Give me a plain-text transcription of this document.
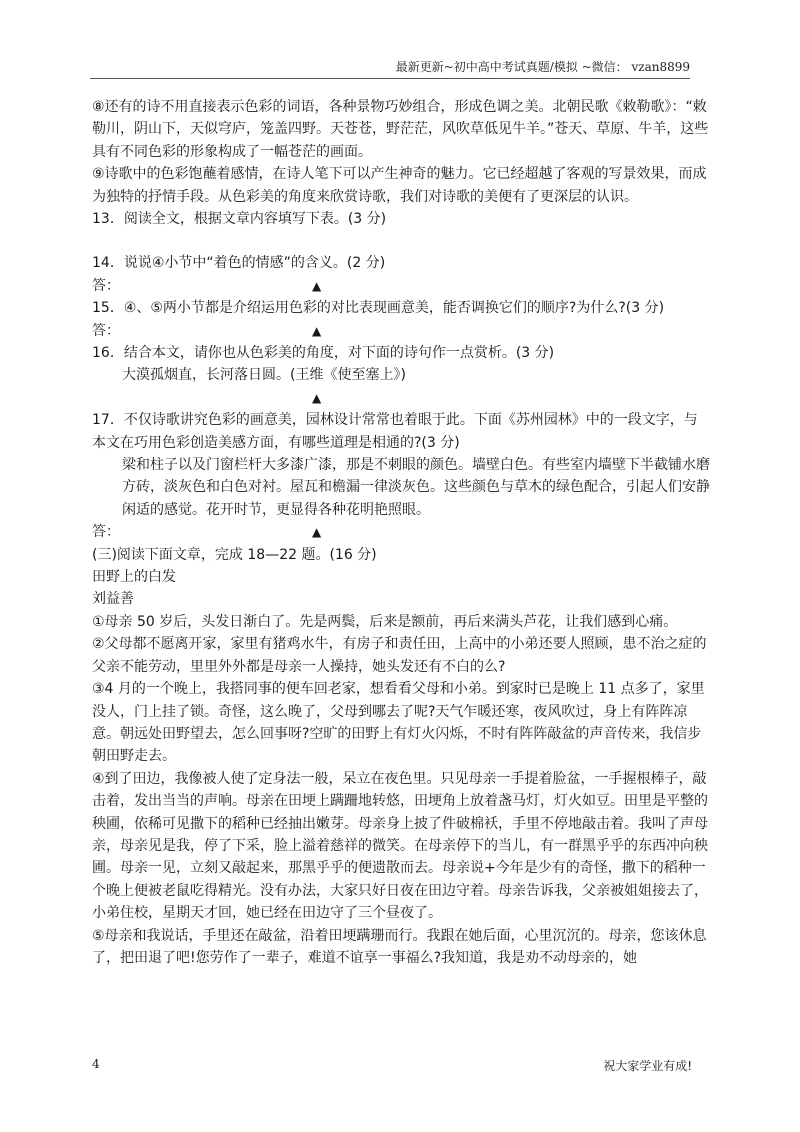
最新更新~初中高中考试真题/模拟 ~微信： vzan8899

⑧还有的诗不用直接表示色彩的词语，各种景物巧妙组合，形成色调之美。北朝民歌《敕勒歌》：“敕勒川，阴山下，天似穹庐，笼盖四野。天苍苍，野茫茫，风吹草低见牛羊。”苍天、草原、牛羊，这些具有不同色彩的形象构成了一幅苍茫的画面。

⑨诗歌中的色彩饱蘸着感情，在诗人笔下可以产生神奇的魅力。它已经超越了客观的写景效果，而成为独特的抒情手段。从色彩美的角度来欣赏诗歌，我们对诗歌的美便有了更深层的认识。

13．阅读全文，根据文章内容填写下表。(3 分)

14．说说④小节中“着色的情感”的含义。(2 分)

答：	▲

15．④、⑤两小节都是介绍运用色彩的对比表现画意美，能否调换它们的顺序?为什么?(3 分)

答：	▲

16．结合本文，请你也从色彩美的角度，对下面的诗句作一点赏析。(3 分)

大漠孤烟直，长河落日圆。(王维《使至塞上》)

▲

17．不仅诗歌讲究色彩的画意美，园林设计常常也着眼于此。下面《苏州园林》中的一段文字，与本文在巧用色彩创造美感方面，有哪些道理是相通的?(3 分)

梁和柱子以及门窗栏杆大多漆广漆，那是不刺眼的颜色。墙壁白色。有些室内墙壁下半截铺水磨方砖，淡灰色和白色对衬。屋瓦和檐漏一律淡灰色。这些颜色与草木的绿色配合，引起人们安静闲适的感觉。花开时节，更显得各种花明艳照眼。

答：	▲

(三)阅读下面文章，完成 18—22 题。(16 分)

田野上的白发

刘益善

①母亲 50 岁后，头发日渐白了。先是两鬓，后来是额前，再后来满头芦花，让我们感到心痛。

②父母都不愿离开家，家里有猪鸡水牛，有房子和责任田，上高中的小弟还要人照顾，患不治之症的父亲不能劳动，里里外外都是母亲一人操持，她头发还有不白的么?

③4 月的一个晚上，我搭同事的便车回老家，想看看父母和小弟。到家时已是晚上 11 点多了，家里没人，门上挂了锁。奇怪，这么晚了，父母到哪去了呢?天气乍暖还寒，夜风吹过，身上有阵阵凉意。朝远处田野望去，怎么回事呀?空旷的田野上有灯火闪烁，不时有阵阵敲盆的声音传来，我信步朝田野走去。

④到了田边，我像被人使了定身法一般，呆立在夜色里。只见母亲一手提着脸盆，一手握根棒子，敲击着，发出当当的声响。母亲在田埂上蹒跚地转悠，田埂角上放着盏马灯，灯火如豆。田里是平整的秧圃，依稀可见撒下的稻种已经抽出嫩芽。母亲身上披了件破棉袄，手里不停地敲击着。我叫了声母亲，母亲见是我，停了下采，脸上溢着慈祥的微笑。在母亲停下的当儿，有一群黑乎乎的东西冲向秧圃。母亲一见，立刻又敲起来，那黑乎乎的便遗散而去。母亲说+今年是少有的奇怪，撒下的稻种一个晚上便被老鼠吃得精光。没有办法，大家只好日夜在田边守着。母亲告诉我，父亲被姐姐接去了，小弟住校，星期天才回，她已经在田边守了三个昼夜了。

⑤母亲和我说话，手里还在敲盆，沿着田埂蹒珊而行。我跟在她后面，心里沉沉的。母亲，您该休息了，把田退了吧!您劳作了一辈子，难道不谊享一事福么?我知道，我是劝不动母亲的，她

4	祝大家学业有成!
